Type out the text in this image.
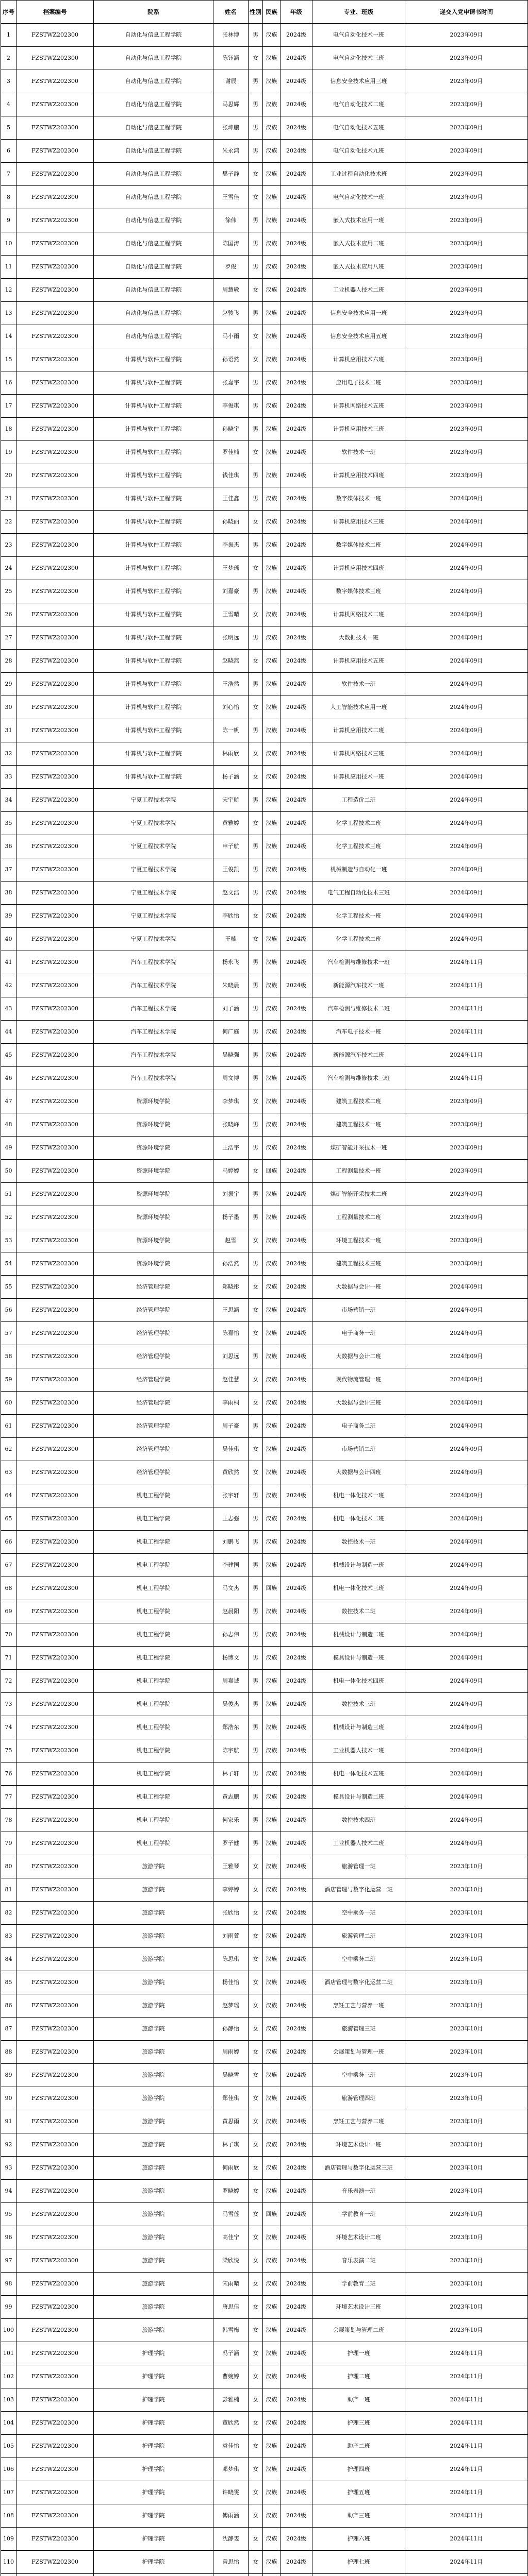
序号	档案编号	院系	姓名	性别	民族	年级	专业、班级	递交入党申请书时间
1	FZSTWZ202300	自动化与信息工程学院	张林博	男	汉族	2024级	电气自动化技术一班	2023年09月
2	FZSTWZ202300	自动化与信息工程学院	陈钰涵	女	汉族	2024级	电气自动化技术三班	2023年09月
3	FZSTWZ202300	自动化与信息工程学院	谢辰	男	汉族	2024级	信息安全技术应用三班	2023年09月
4	FZSTWZ202300	自动化与信息工程学院	马思辉	男	汉族	2024级	电气自动化技术二班	2023年09月
5	FZSTWZ202300	自动化与信息工程学院	张坤鹏	男	汉族	2024级	电气自动化技术五班	2023年09月
6	FZSTWZ202300	自动化与信息工程学院	朱永鸿	男	汉族	2024级	电气自动化技术九班	2023年09月
7	FZSTWZ202300	自动化与信息工程学院	樊子静	女	汉族	2024级	工业过程自动化技术班	2023年09月
8	FZSTWZ202300	自动化与信息工程学院	王雪佳	女	汉族	2024级	电气自动化技术一班	2023年09月
9	FZSTWZ202300	自动化与信息工程学院	徐伟	男	汉族	2024级	嵌入式技术应用一班	2023年09月
10	FZSTWZ202300	自动化与信息工程学院	陈国涛	男	汉族	2024级	嵌入式技术应用二班	2023年09月
11	FZSTWZ202300	自动化与信息工程学院	罗俊	男	汉族	2024级	嵌入式技术应用八班	2023年09月
12	FZSTWZ202300	自动化与信息工程学院	周慧敏	女	汉族	2024级	工业机器人技术二班	2023年09月
13	FZSTWZ202300	自动化与信息工程学院	赵骏飞	男	汉族	2024级	信息安全技术应用一班	2023年09月
14	FZSTWZ202300	自动化与信息工程学院	马小雨	女	汉族	2024级	信息安全技术应用五班	2023年09月
15	FZSTWZ202300	计算机与软件工程学院	孙语然	女	汉族	2024级	计算机应用技术六班	2023年09月
16	FZSTWZ202300	计算机与软件工程学院	张嘉宇	男	汉族	2024级	应用电子技术二班	2023年09月
17	FZSTWZ202300	计算机与软件工程学院	李俊琪	男	汉族	2024级	计算机网络技术五班	2023年09月
18	FZSTWZ202300	计算机与软件工程学院	孙晓宇	男	汉族	2024级	计算机应用技术三班	2023年09月
19	FZSTWZ202300	计算机与软件工程学院	罗佳楠	女	汉族	2024级	软件技术一班	2023年09月
20	FZSTWZ202300	计算机与软件工程学院	钱佳琪	男	汉族	2024级	计算机应用技术四班	2023年09月
21	FZSTWZ202300	计算机与软件工程学院	王佳鑫	男	汉族	2024级	数字媒体技术一班	2024年09月
22	FZSTWZ202300	计算机与软件工程学院	孙晓丽	女	汉族	2024级	计算机应用技术三班	2024年09月
23	FZSTWZ202300	计算机与软件工程学院	李振杰	男	汉族	2024级	数字媒体技术二班	2024年09月
24	FZSTWZ202300	计算机与软件工程学院	王梦瑶	女	汉族	2024级	计算机应用技术四班	2024年09月
25	FZSTWZ202300	计算机与软件工程学院	刘嘉豪	男	汉族	2024级	数字媒体技术三班	2024年09月
26	FZSTWZ202300	计算机与软件工程学院	王雪晴	女	汉族	2024级	计算机网络技术二班	2024年09月
27	FZSTWZ202300	计算机与软件工程学院	张明远	男	汉族	2024级	大数据技术一班	2024年09月
28	FZSTWZ202300	计算机与软件工程学院	赵晓燕	女	汉族	2024级	计算机应用技术五班	2024年09月
29	FZSTWZ202300	计算机与软件工程学院	王浩然	男	汉族	2024级	软件技术一班	2024年09月
30	FZSTWZ202300	计算机与软件工程学院	刘心怡	女	汉族	2024级	人工智能技术应用一班	2024年09月
31	FZSTWZ202300	计算机与软件工程学院	陈一帆	男	汉族	2024级	计算机应用技术二班	2024年09月
32	FZSTWZ202300	计算机与软件工程学院	林雨欣	女	汉族	2024级	计算机网络技术三班	2024年09月
33	FZSTWZ202300	计算机与软件工程学院	杨子涵	女	汉族	2024级	计算机应用技术一班	2024年09月
34	FZSTWZ202300	宁夏工程技术学院	宋宇航	男	汉族	2024级	工程造价二班	2024年09月
35	FZSTWZ202300	宁夏工程技术学院	黄雅婷	女	汉族	2024级	化学工程技术二班	2024年09月
36	FZSTWZ202300	宁夏工程技术学院	申子航	男	汉族	2024级	化学工程技术三班	2024年09月
37	FZSTWZ202300	宁夏工程技术学院	王俊凯	男	汉族	2024级	机械制造与自动化一班	2024年09月
38	FZSTWZ202300	宁夏工程技术学院	赵文浩	男	汉族	2024级	电气工程自动化技术三班	2024年09月
39	FZSTWZ202300	宁夏工程技术学院	李欣怡	女	汉族	2024级	化学工程技术一班	2024年09月
40	FZSTWZ202300	宁夏工程技术学院	王楠	女	汉族	2024级	化学工程技术二班	2024年09月
41	FZSTWZ202300	汽车工程技术学院	杨永飞	男	汉族	2024级	汽车检测与维修技术一班	2024年11月
42	FZSTWZ202300	汽车工程技术学院	朱晓晨	男	汉族	2024级	新能源汽车技术一班	2024年11月
43	FZSTWZ202300	汽车工程技术学院	刘子涵	男	汉族	2024级	汽车检测与维修技术二班	2024年11月
44	FZSTWZ202300	汽车工程技术学院	何广庭	男	汉族	2024级	汽车电子技术一班	2024年11月
45	FZSTWZ202300	汽车工程技术学院	吴晓强	男	汉族	2024级	新能源汽车技术二班	2024年11月
46	FZSTWZ202300	汽车工程技术学院	周文博	男	汉族	2024级	汽车检测与维修技术三班	2024年11月
47	FZSTWZ202300	资源环境学院	李梦琪	女	汉族	2024级	建筑工程技术二班	2023年09月
48	FZSTWZ202300	资源环境学院	张晓峰	男	汉族	2024级	建筑工程技术一班	2023年09月
49	FZSTWZ202300	资源环境学院	王浩宇	男	汉族	2024级	煤矿智能开采技术一班	2023年09月
50	FZSTWZ202300	资源环境学院	马婷婷	女	回族	2024级	工程测量技术一班	2023年09月
51	FZSTWZ202300	资源环境学院	刘振宇	男	汉族	2024级	煤矿智能开采技术二班	2023年09月
52	FZSTWZ202300	资源环境学院	杨子墨	男	汉族	2024级	工程测量技术二班	2023年09月
53	FZSTWZ202300	资源环境学院	赵雪	女	汉族	2024级	环境工程技术一班	2023年09月
54	FZSTWZ202300	资源环境学院	孙浩然	男	汉族	2024级	建筑工程技术三班	2023年09月
55	FZSTWZ202300	经济管理学院	郑晓彤	女	汉族	2024级	大数据与会计一班	2024年09月
56	FZSTWZ202300	经济管理学院	王思涵	女	汉族	2024级	市场营销一班	2024年09月
57	FZSTWZ202300	经济管理学院	陈嘉怡	女	汉族	2024级	电子商务一班	2024年09月
58	FZSTWZ202300	经济管理学院	刘思远	男	汉族	2024级	大数据与会计二班	2024年09月
59	FZSTWZ202300	经济管理学院	赵佳慧	女	汉族	2024级	现代物流管理一班	2024年09月
60	FZSTWZ202300	经济管理学院	李雨桐	女	汉族	2024级	大数据与会计三班	2024年09月
61	FZSTWZ202300	经济管理学院	周子豪	男	汉族	2024级	电子商务二班	2024年09月
62	FZSTWZ202300	经济管理学院	吴佳琪	女	汉族	2024级	市场营销二班	2024年09月
63	FZSTWZ202300	经济管理学院	黄欣然	女	汉族	2024级	大数据与会计四班	2024年09月
64	FZSTWZ202300	机电工程学院	张宇轩	男	汉族	2024级	机电一体化技术一班	2024年09月
65	FZSTWZ202300	机电工程学院	王志强	男	汉族	2024级	机电一体化技术二班	2024年09月
66	FZSTWZ202300	机电工程学院	刘鹏飞	男	汉族	2024级	数控技术一班	2024年09月
67	FZSTWZ202300	机电工程学院	李建国	男	汉族	2024级	机械设计与制造一班	2024年09月
68	FZSTWZ202300	机电工程学院	马文杰	男	回族	2024级	机电一体化技术三班	2024年09月
69	FZSTWZ202300	机电工程学院	赵晨阳	男	汉族	2024级	数控技术二班	2024年09月
70	FZSTWZ202300	机电工程学院	孙志伟	男	汉族	2024级	机械设计与制造二班	2024年09月
71	FZSTWZ202300	机电工程学院	杨博文	男	汉族	2024级	模具设计与制造一班	2024年09月
72	FZSTWZ202300	机电工程学院	周嘉诚	男	汉族	2024级	机电一体化技术四班	2024年09月
73	FZSTWZ202300	机电工程学院	吴俊杰	男	汉族	2024级	数控技术三班	2024年09月
74	FZSTWZ202300	机电工程学院	郑浩东	男	汉族	2024级	机械设计与制造三班	2024年09月
75	FZSTWZ202300	机电工程学院	陈宇航	男	汉族	2024级	工业机器人技术一班	2024年09月
76	FZSTWZ202300	机电工程学院	林子轩	男	汉族	2024级	机电一体化技术五班	2024年09月
77	FZSTWZ202300	机电工程学院	黄志鹏	男	汉族	2024级	模具设计与制造二班	2024年09月
78	FZSTWZ202300	机电工程学院	何家乐	男	汉族	2024级	数控技术四班	2024年09月
79	FZSTWZ202300	机电工程学院	罗子健	男	汉族	2024级	工业机器人技术二班	2024年09月
80	FZSTWZ202300	旅游学院	王雅琴	女	汉族	2024级	旅游管理一班	2023年10月
81	FZSTWZ202300	旅游学院	李婷婷	女	汉族	2024级	酒店管理与数字化运营一班	2023年10月
82	FZSTWZ202300	旅游学院	张欣怡	女	汉族	2024级	空中乘务一班	2023年10月
83	FZSTWZ202300	旅游学院	刘雨萱	女	汉族	2024级	旅游管理二班	2023年10月
84	FZSTWZ202300	旅游学院	陈思琪	女	汉族	2024级	空中乘务二班	2023年10月
85	FZSTWZ202300	旅游学院	杨佳怡	女	汉族	2024级	酒店管理与数字化运营二班	2023年10月
86	FZSTWZ202300	旅游学院	赵梦瑶	女	汉族	2024级	烹饪工艺与营养一班	2023年10月
87	FZSTWZ202300	旅游学院	孙静怡	女	汉族	2024级	旅游管理三班	2023年10月
88	FZSTWZ202300	旅游学院	周雨婷	女	汉族	2024级	会展策划与管理一班	2023年10月
89	FZSTWZ202300	旅游学院	吴晓雪	女	汉族	2024级	空中乘务三班	2023年10月
90	FZSTWZ202300	旅游学院	郑佳琪	女	汉族	2024级	旅游管理四班	2023年10月
91	FZSTWZ202300	旅游学院	黄思雨	女	汉族	2024级	烹饪工艺与营养二班	2023年10月
92	FZSTWZ202300	旅游学院	林子琪	女	汉族	2024级	环境艺术设计一班	2023年10月
93	FZSTWZ202300	旅游学院	何雨欣	女	汉族	2024级	酒店管理与数字化运营三班	2023年10月
94	FZSTWZ202300	旅游学院	罗晓婷	女	汉族	2024级	音乐表演一班	2023年10月
95	FZSTWZ202300	旅游学院	马雪莲	女	回族	2024级	学前教育一班	2023年10月
96	FZSTWZ202300	旅游学院	高佳宁	女	汉族	2024级	环境艺术设计二班	2023年10月
97	FZSTWZ202300	旅游学院	梁欣悦	女	汉族	2024级	音乐表演二班	2023年10月
98	FZSTWZ202300	旅游学院	宋雨晴	女	汉族	2024级	学前教育二班	2023年10月
99	FZSTWZ202300	旅游学院	唐思佳	女	汉族	2024级	环境艺术设计三班	2023年10月
100	FZSTWZ202300	旅游学院	韩雪梅	女	汉族	2024级	会展策划与管理二班	2023年10月
101	FZSTWZ202300	护理学院	冯子涵	女	汉族	2024级	护理一班	2024年11月
102	FZSTWZ202300	护理学院	曹婉婷	女	汉族	2024级	护理二班	2024年11月
103	FZSTWZ202300	护理学院	彭雅楠	女	汉族	2024级	助产一班	2024年11月
104	FZSTWZ202300	护理学院	董欣然	女	汉族	2024级	护理三班	2024年11月
105	FZSTWZ202300	护理学院	袁佳怡	女	汉族	2024级	助产二班	2024年11月
106	FZSTWZ202300	护理学院	邓梦琪	女	汉族	2024级	护理四班	2024年11月
107	FZSTWZ202300	护理学院	许晓雯	女	汉族	2024级	护理五班	2024年11月
108	FZSTWZ202300	护理学院	傅雨涵	女	汉族	2024级	助产三班	2024年11月
109	FZSTWZ202300	护理学院	沈静雯	女	汉族	2024级	护理六班	2024年11月
110	FZSTWZ202300	护理学院	曾思怡	女	汉族	2024级	护理七班	2024年11月
